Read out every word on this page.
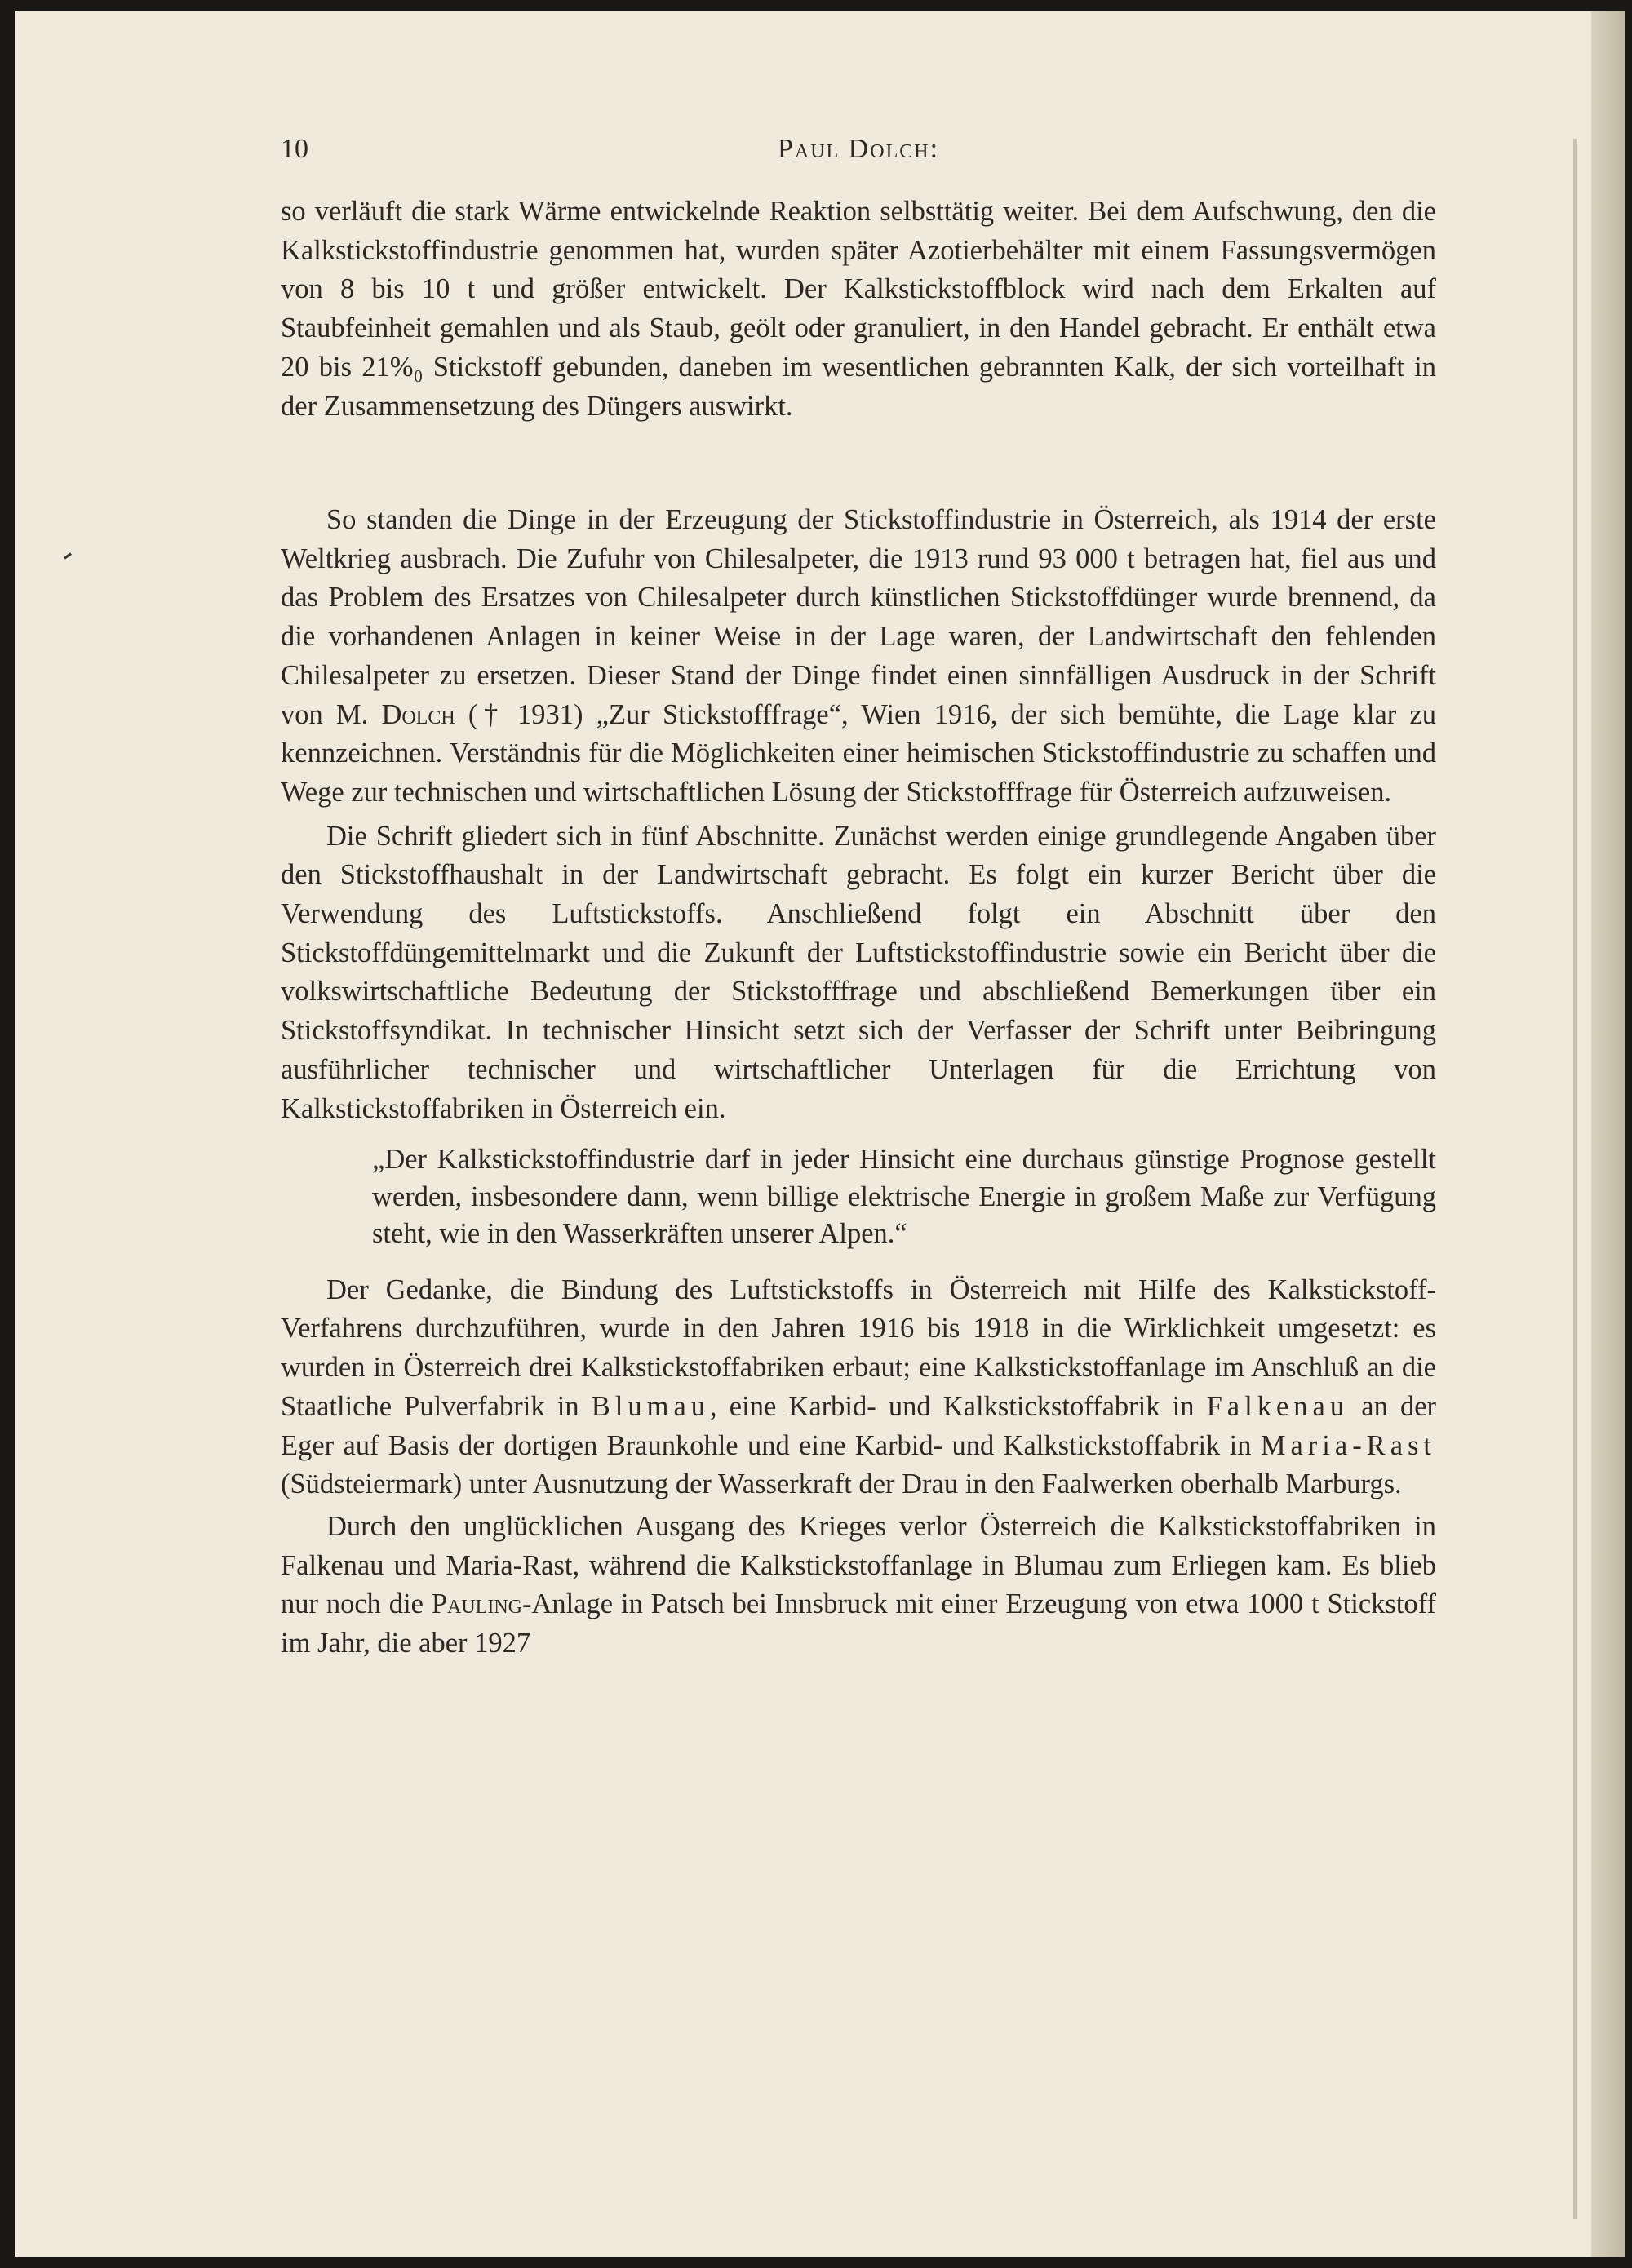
10	Paul Dolch:

so verläuft die stark Wärme entwickelnde Reaktion selbsttätig weiter. Bei dem Aufschwung, den die Kalkstickstoffindustrie genommen hat, wurden später Azotierbehälter mit einem Fassungsvermögen von 8 bis 10 t und größer entwickelt. Der Kalkstickstoffblock wird nach dem Erkalten auf Staubfeinheit gemahlen und als Staub, geölt oder granuliert, in den Handel gebracht. Er enthält etwa 20 bis 21%₀ Stickstoff gebunden, daneben im wesentlichen gebrannten Kalk, der sich vorteilhaft in der Zusammensetzung des Düngers auswirkt.

So standen die Dinge in der Erzeugung der Stickstoffindustrie in Österreich, als 1914 der erste Weltkrieg ausbrach. Die Zufuhr von Chilesalpeter, die 1913 rund 93 000 t betragen hat, fiel aus und das Problem des Ersatzes von Chilesalpeter durch künstlichen Stickstoffdünger wurde brennend, da die vorhandenen Anlagen in keiner Weise in der Lage waren, der Landwirtschaft den fehlenden Chilesalpeter zu ersetzen. Dieser Stand der Dinge findet einen sinnfälligen Ausdruck in der Schrift von M. Dolch († 1931) „Zur Stickstofffrage“, Wien 1916, der sich bemühte, die Lage klar zu kennzeichnen. Verständnis für die Möglichkeiten einer heimischen Stickstoffindustrie zu schaffen und Wege zur technischen und wirtschaftlichen Lösung der Stickstofffrage für Österreich aufzuweisen.

Die Schrift gliedert sich in fünf Abschnitte. Zunächst werden einige grundlegende Angaben über den Stickstoffhaushalt in der Landwirtschaft gebracht. Es folgt ein kurzer Bericht über die Verwendung des Luftstickstoffs. Anschließend folgt ein Abschnitt über den Stickstoffdüngemittelmarkt und die Zukunft der Luftstickstoffindustrie sowie ein Bericht über die volkswirtschaftliche Bedeutung der Stickstofffrage und abschließend Bemerkungen über ein Stickstoffsyndikat. In technischer Hinsicht setzt sich der Verfasser der Schrift unter Beibringung ausführlicher technischer und wirtschaftlicher Unterlagen für die Errichtung von Kalkstickstoffabriken in Österreich ein.

„Der Kalkstickstoffindustrie darf in jeder Hinsicht eine durchaus günstige Prognose gestellt werden, insbesondere dann, wenn billige elektrische Energie in großem Maße zur Verfügung steht, wie in den Wasserkräften unserer Alpen.“

Der Gedanke, die Bindung des Luftstickstoffs in Österreich mit Hilfe des Kalkstickstoff-Verfahrens durchzuführen, wurde in den Jahren 1916 bis 1918 in die Wirklichkeit umgesetzt: es wurden in Österreich drei Kalkstickstoffabriken erbaut; eine Kalkstickstoffanlage im Anschluß an die Staatliche Pulverfabrik in Blumau, eine Karbid- und Kalkstickstoffabrik in Falkenau an der Eger auf Basis der dortigen Braunkohle und eine Karbid- und Kalkstickstoffabrik in Maria-Rast (Südsteiermark) unter Ausnutzung der Wasserkraft der Drau in den Faalwerken oberhalb Marburgs.

Durch den unglücklichen Ausgang des Krieges verlor Österreich die Kalkstickstoffabriken in Falkenau und Maria-Rast, während die Kalkstickstoffanlage in Blumau zum Erliegen kam. Es blieb nur noch die Pauling-Anlage in Patsch bei Innsbruck mit einer Erzeugung von etwa 1000 t Stickstoff im Jahr, die aber 1927
